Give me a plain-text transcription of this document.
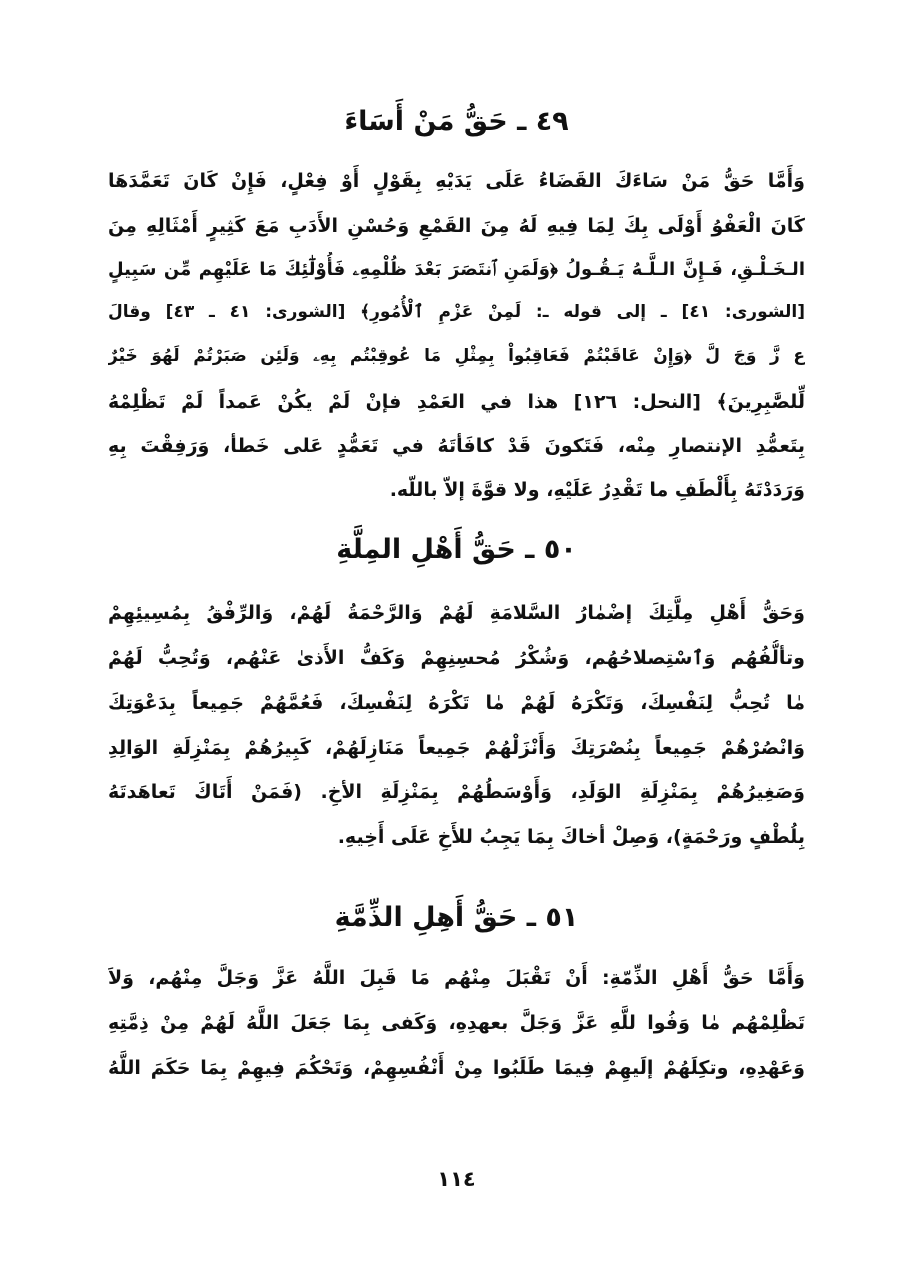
٤٩ ـ حَقُّ مَنْ أَسَاءَ
وَأَمَّا حَقُّ مَنْ سَاءَكَ القَضَاءُ عَلَى يَدَيْهِ بِقَوْلٍ أَوْ فِعْلٍ، فَإِنْ كَانَ تَعَمَّدَهَا
كَانَ الْعَفْوُ أَوْلَى بِكَ لِمَا فِيهِ لَهُ مِنَ القَمْعِ وَحُسْنِ الأَدَبِ مَعَ كَثِيرٍ أَمْثَالِهِ مِنَ
الـخَـلْـقِ، فَـإِنَّ الـلَّـهُ يَـقُـولُ ﴿وَلَمَنِ ٱنتَصَرَ بَعْدَ ظُلْمِهِۦ فَأُوْلَٰٓئِكَ مَا عَلَيْهِم مِّن سَبِيلٍ
[الشورى: ٤١] ـ إلى قوله ـ: لَمِنْ عَزْمِ ٱلْأُمُورِ﴾ [الشورى: ٤١ ـ ٤٣] وقالَ
ع زَّ وَجَ لَّ ﴿وَإِنْ عَاقَبْتُمْ فَعَاقِبُواْ بِمِثْلِ مَا عُوقِبْتُم بِهِۦ وَلَئِن صَبَرْتُمْ لَهُوَ خَيْرٌ
لِّلصَّٰبِرِينَ﴾ [النحل: ١٢٦] هذا في العَمْدِ فإنْ لَمْ يكُنْ عَمداً لَمْ تَظْلِمْهُ
بِتَعمُّدِ الإنتصارِ مِنْه، فَتَكونَ قَدْ كافَأتَهُ في تَعَمُّدٍ عَلى خَطأ، وَرَفِقْتَ بِهِ
وَرَدَدْتَهُ بِأَلْطَفِ ما تَقْدِرُ عَلَيْهِ، ولا قوَّةَ إلاّ باللّه.
٥٠ ـ حَقُّ أَهْلِ المِلَّةِ
وَحَقُّ أَهْلِ مِلَّتِكَ إضْمٰارُ السَّلامَةِ لَهُمْ وَالرَّحْمَةُ لَهُمْ، وَالرِّفْقُ بِمُسِيئِهِمْ
وتألُّفُهُم وَٱسْتِصلاحُهُم، وَشُكْرُ مُحسِنِهِمْ وَكَفُّ الأَذىٰ عَنْهُم، وَتُحِبُّ لَهُمْ
مٰا تُحِبُّ لِنَفْسِكَ، وَتَكْرَهُ لَهُمْ مٰا تَكْرَهُ لِنَفْسِكَ، فَعُمَّهُمْ جَمِيعاً بِدَعْوَتِكَ
وَانْصُرْهُمْ جَمِيعاً بِنُصْرَتِكَ وَأَنْزَلْهُمْ جَمِيعاً مَنَازِلَهُمْ، كَبِيرُهُمْ بِمَنْزِلَةِ الوَالِدِ
وَصَغِيرُهُمْ بِمَنْزِلَةِ الوَلَدِ، وَأَوْسَطُهُمْ بِمَنْزِلَةِ الأخِ. (فَمَنْ أَتَاكَ تَعاهَدتَهُ
بِلُطْفٍ ورَحْمَةٍ)، وَصِلْ أخاكَ بِمَا يَجِبُ للأَخِ عَلَى أَخِيهِ.
٥١ ـ حَقُّ أَهِلِ الذِّمَّةِ
وَأَمَّا حَقُّ أَهْلِ الذِّمّةِ: أَنْ تَقْبَلَ مِنْهُم مَا قَبِلَ اللَّهُ عَزَّ وَجَلَّ مِنْهُم، وَلاَ
تَظْلِمْهُم مٰا وَفُوا للَّهِ عَزَّ وَجَلَّ بعهدِهِ، وَكَفى بِمَا جَعَلَ اللَّهُ لَهُمْ مِنْ ذِمَّتِهِ
وَعَهْدِهِ، وتكِلَهُمْ إلَيهِمْ فِيمَا طَلَبُوا مِنْ أَنْفُسِهِمْ، وَتَحْكُمَ فِيهِمْ بِمَا حَكَمَ اللَّهُ
١١٤
